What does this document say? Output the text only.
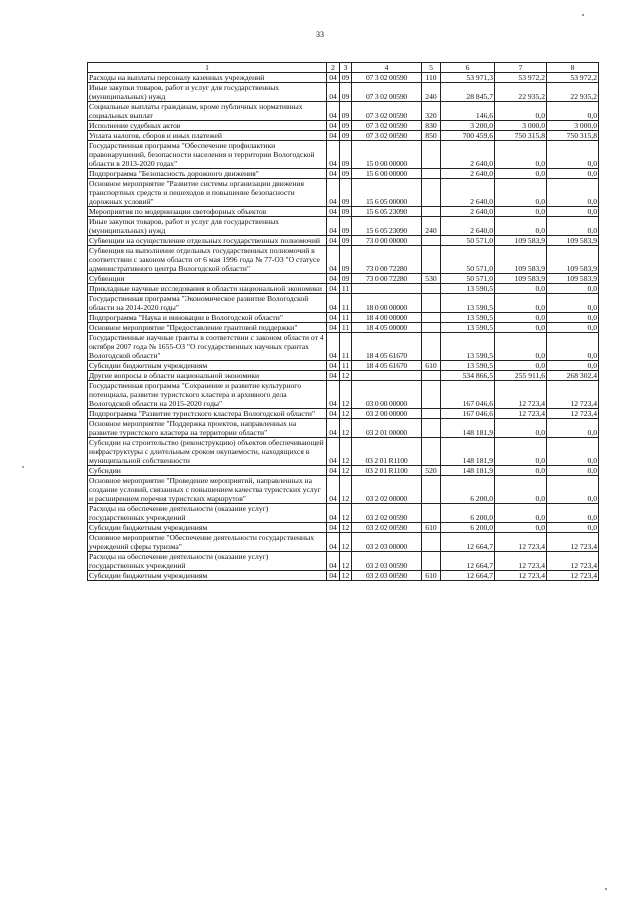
33
1	2	3	4	5	6	7	8
Расходы на выплаты персоналу казенных учреждений	04	09	07 3 02 00590	110	53 971,3	53 972,2	53 972,2
Иные закупки товаров, работ и услуг для государственных (муниципальных) нужд	04	09	07 3 02 00590	240	28 845,7	22 935,2	22 935,2
Социальные выплаты гражданам, кроме публичных нормативных социальных выплат	04	09	07 3 02 00590	320	146,6	0,0	0,0
Исполнение судебных актов	04	09	07 3 02 00590	830	3 200,0	3 000,0	3 000,0
Уплата налогов, сборов и иных платежей	04	09	07 3 02 00590	850	700 459,6	750 315,8	750 315,8
Государственная программа "Обеспечение профилактики правонарушений, безопасности населения и территории Вологодской области в 2013-2020 годах"	04	09	15 0 00 00000		2 640,0	0,0	0,0
Подпрограмма "Безопасность дорожного движения"	04	09	15 6 00 00000		2 640,0	0,0	0,0
Основное мероприятие "Развитие системы организации движения транспортных средств и пешеходов и повышение безопасности дорожных условий"	04	09	15 6 05 00000		2 640,0	0,0	0,0
Мероприятия по модернизации светофорных объектов	04	09	15 6 05 23090		2 640,0	0,0	0,0
Иные закупки товаров, работ и услуг для государственных (муниципальных) нужд	04	09	15 6 05 23090	240	2 640,0	0,0	0,0
Субвенции на осуществление отдельных государственных полномочий	04	09	73 0 00 00000		50 571,0	109 583,9	109 583,9
Субвенция на выполнение отдельных государственных полномочий в соответствии с законом области от 6 мая 1996 года № 77-ОЗ "О статусе административного центра Вологодской области"	04	09	73 0 00 72280		50 571,0	109 583,9	109 583,9
Субвенции	04	09	73 0 00 72280	530	50 571,0	109 583,9	109 583,9
Прикладные научные исследования в области национальной экономики	04	11			13 590,5	0,0	0,0
Государственная программа "Экономическое развитие Вологодской области на 2014-2020 годы"	04	11	18 0 00 00000		13 590,5	0,0	0,0
Подпрограмма "Наука и инновации в Вологодской области"	04	11	18 4 00 00000		13 590,5	0,0	0,0
Основное мероприятие "Предоставление грантовой поддержки"	04	11	18 4 05 00000		13 590,5	0,0	0,0
Государственные научные гранты в соответствии с законом области от 4 октября 2007 года № 1655-ОЗ "О государственных научных грантах Вологодской области"	04	11	18 4 05 61670		13 590,5	0,0	0,0
Субсидии бюджетным учреждениям	04	11	18 4 05 61670	610	13 590,5	0,0	0,0
Другие вопросы в области национальной экономики	04	12			534 866,5	255 911,6	268 302,4
Государственная программа "Сохранение и развитие культурного потенциала, развитие туристского кластера и архивного дела Вологодской области на 2015-2020 годы"	04	12	03 0 00 00000		167 046,6	12 723,4	12 723,4
Подпрограмма "Развитие туристского кластера Вологодской области"	04	12	03 2 00 00000		167 046,6	12 723,4	12 723,4
Основное мероприятие "Поддержка проектов, направленных на развитие туристского кластера на территории области"	04	12	03 2 01 00000		148 181,9	0,0	0,0
Субсидии на строительство (реконструкцию) объектов обеспечивающей инфраструктуры с длительным сроком окупаемости, находящихся в муниципальной собственности	04	12	03 2 01 R1100		148 181,9	0,0	0,0
Субсидии	04	12	03 2 01 R1100	520	148 181,9	0,0	0,0
Основное мероприятие "Проведение мероприятий, направленных на создание условий, связанных с повышением качества туристских услуг и расширением перечня туристских маршрутов"	04	12	03 2 02 00000		6 200,0	0,0	0,0
Расходы на обеспечение деятельности (оказание услуг) государственных учреждений	04	12	03 2 02 00590		6 200,0	0,0	0,0
Субсидии бюджетным учреждениям	04	12	03 2 02 00590	610	6 200,0	0,0	0,0
Основное мероприятие "Обеспечение деятельности государственных учреждений сферы туризма"	04	12	03 2 03 00000		12 664,7	12 723,4	12 723,4
Расходы на обеспечение деятельности (оказание услуг) государственных учреждений	04	12	03 2 03 00590		12 664,7	12 723,4	12 723,4
Субсидии бюджетным учреждениям	04	12	03 2 03 00590	610	12 664,7	12 723,4	12 723,4
